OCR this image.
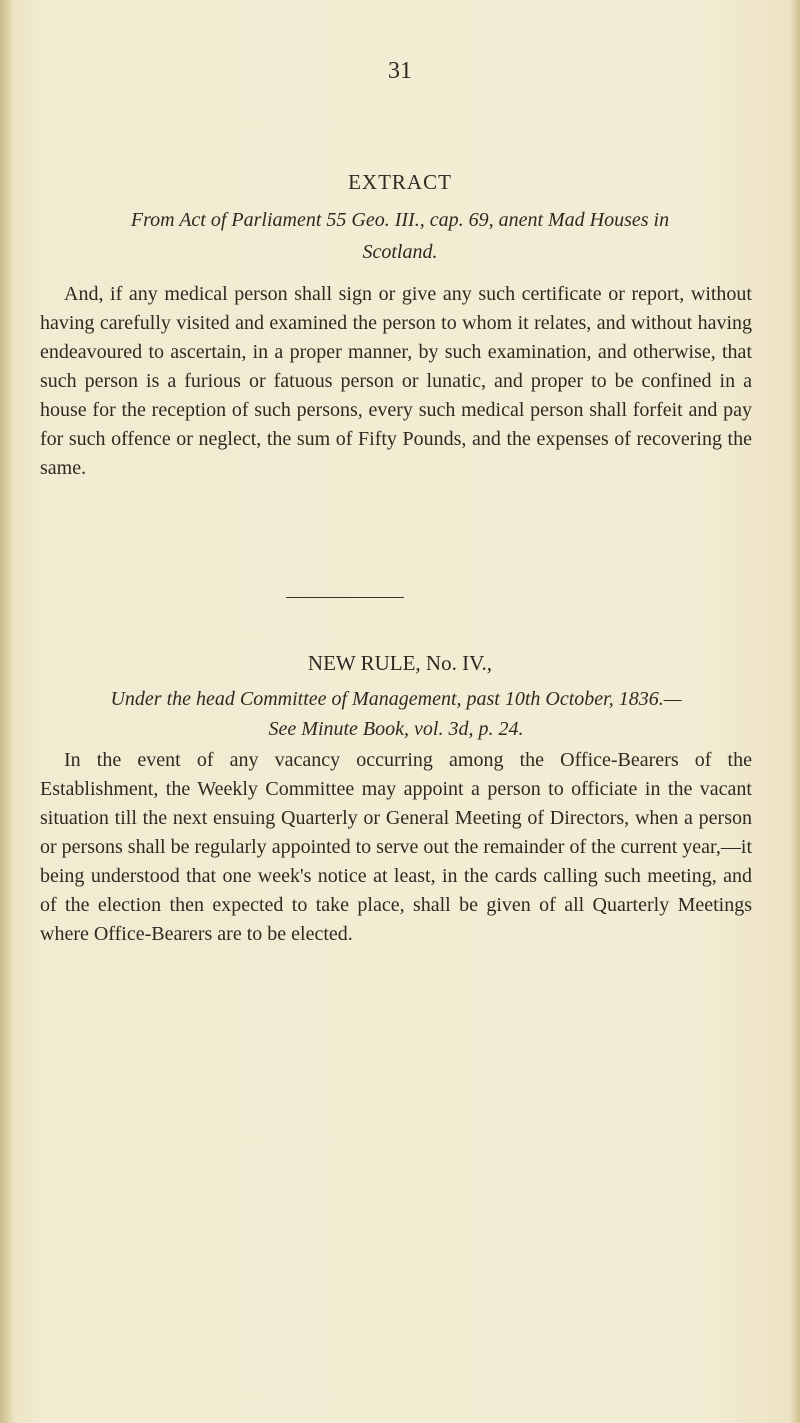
31
EXTRACT
From Act of Parliament 55 Geo. III., cap. 69, anent Mad Houses in
Scotland.
And, if any medical person shall sign or give any such certificate or report, without having carefully visited and examined the person to whom it relates, and without having endeavoured to ascertain, in a proper manner, by such examination, and otherwise, that such person is a furious or fatuous person or lunatic, and proper to be confined in a house for the reception of such persons, every such medical person shall forfeit and pay for such offence or neglect, the sum of Fifty Pounds, and the expenses of recovering the same.
NEW RULE, No. IV.,
Under the head Committee of Management, past 10th October, 1836.—
See Minute Book, vol. 3d, p. 24.
In the event of any vacancy occurring among the Office-Bearers of the Establishment, the Weekly Committee may appoint a person to officiate in the vacant situation till the next ensuing Quarterly or General Meeting of Directors, when a person or persons shall be regularly appointed to serve out the remainder of the current year,—it being understood that one week's notice at least, in the cards calling such meeting, and of the election then expected to take place, shall be given of all Quarterly Meetings where Office-Bearers are to be elected.
